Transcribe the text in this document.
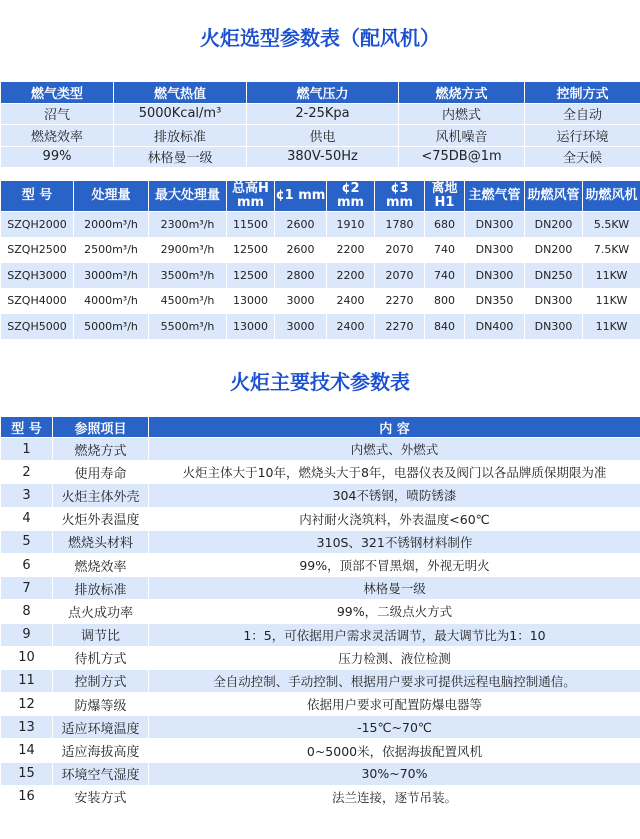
火炬选型参数表（配风机）
燃气类型	燃气热值	燃气压力	燃烧方式	控制方式
沼气	5000Kcal/m³	2-25Kpa	内燃式	全自动
燃烧效率	排放标准	供电	风机噪音	运行环境
99%	林格曼一级	380V-50Hz	<75DB@1m	全天候
型 号	处理量	最大处理量	总高H mm	¢1 mm	¢2 mm	¢3 mm	离地 H1	主燃气管	助燃风管	助燃风机
SZQH2000	2000m³/h	2300m³/h	11500	2600	1910	1780	680	DN300	DN200	5.5KW
SZQH2500	2500m³/h	2900m³/h	12500	2600	2200	2070	740	DN300	DN200	7.5KW
SZQH3000	3000m³/h	3500m³/h	12500	2800	2200	2070	740	DN300	DN250	11KW
SZQH4000	4000m³/h	4500m³/h	13000	3000	2400	2270	800	DN350	DN300	11KW
SZQH5000	5000m³/h	5500m³/h	13000	3000	2400	2270	840	DN400	DN300	11KW
火炬主要技术参数表
型 号	参照项目	内 容
1	燃烧方式	内燃式、外燃式
2	使用寿命	火炬主体大于10年，燃烧头大于8年，电器仪表及阀门以各品牌质保期限为准
3	火炬主体外壳	304不锈钢，喷防锈漆
4	火炬外表温度	内衬耐火浇筑料，外表温度<60℃
5	燃烧头材料	310S、321不锈钢材料制作
6	燃烧效率	99%，顶部不冒黑烟，外视无明火
7	排放标准	林格曼一级
8	点火成功率	99%，二级点火方式
9	调节比	1：5，可依据用户需求灵活调节，最大调节比为1：10
10	待机方式	压力检测、液位检测
11	控制方式	全自动控制、手动控制、根据用户要求可提供远程电脑控制通信。
12	防爆等级	依据用户要求可配置防爆电器等
13	适应环境温度	-15℃~70℃
14	适应海拔高度	0~5000米，依据海拔配置风机
15	环境空气湿度	30%~70%
16	安装方式	法兰连接，逐节吊装。
